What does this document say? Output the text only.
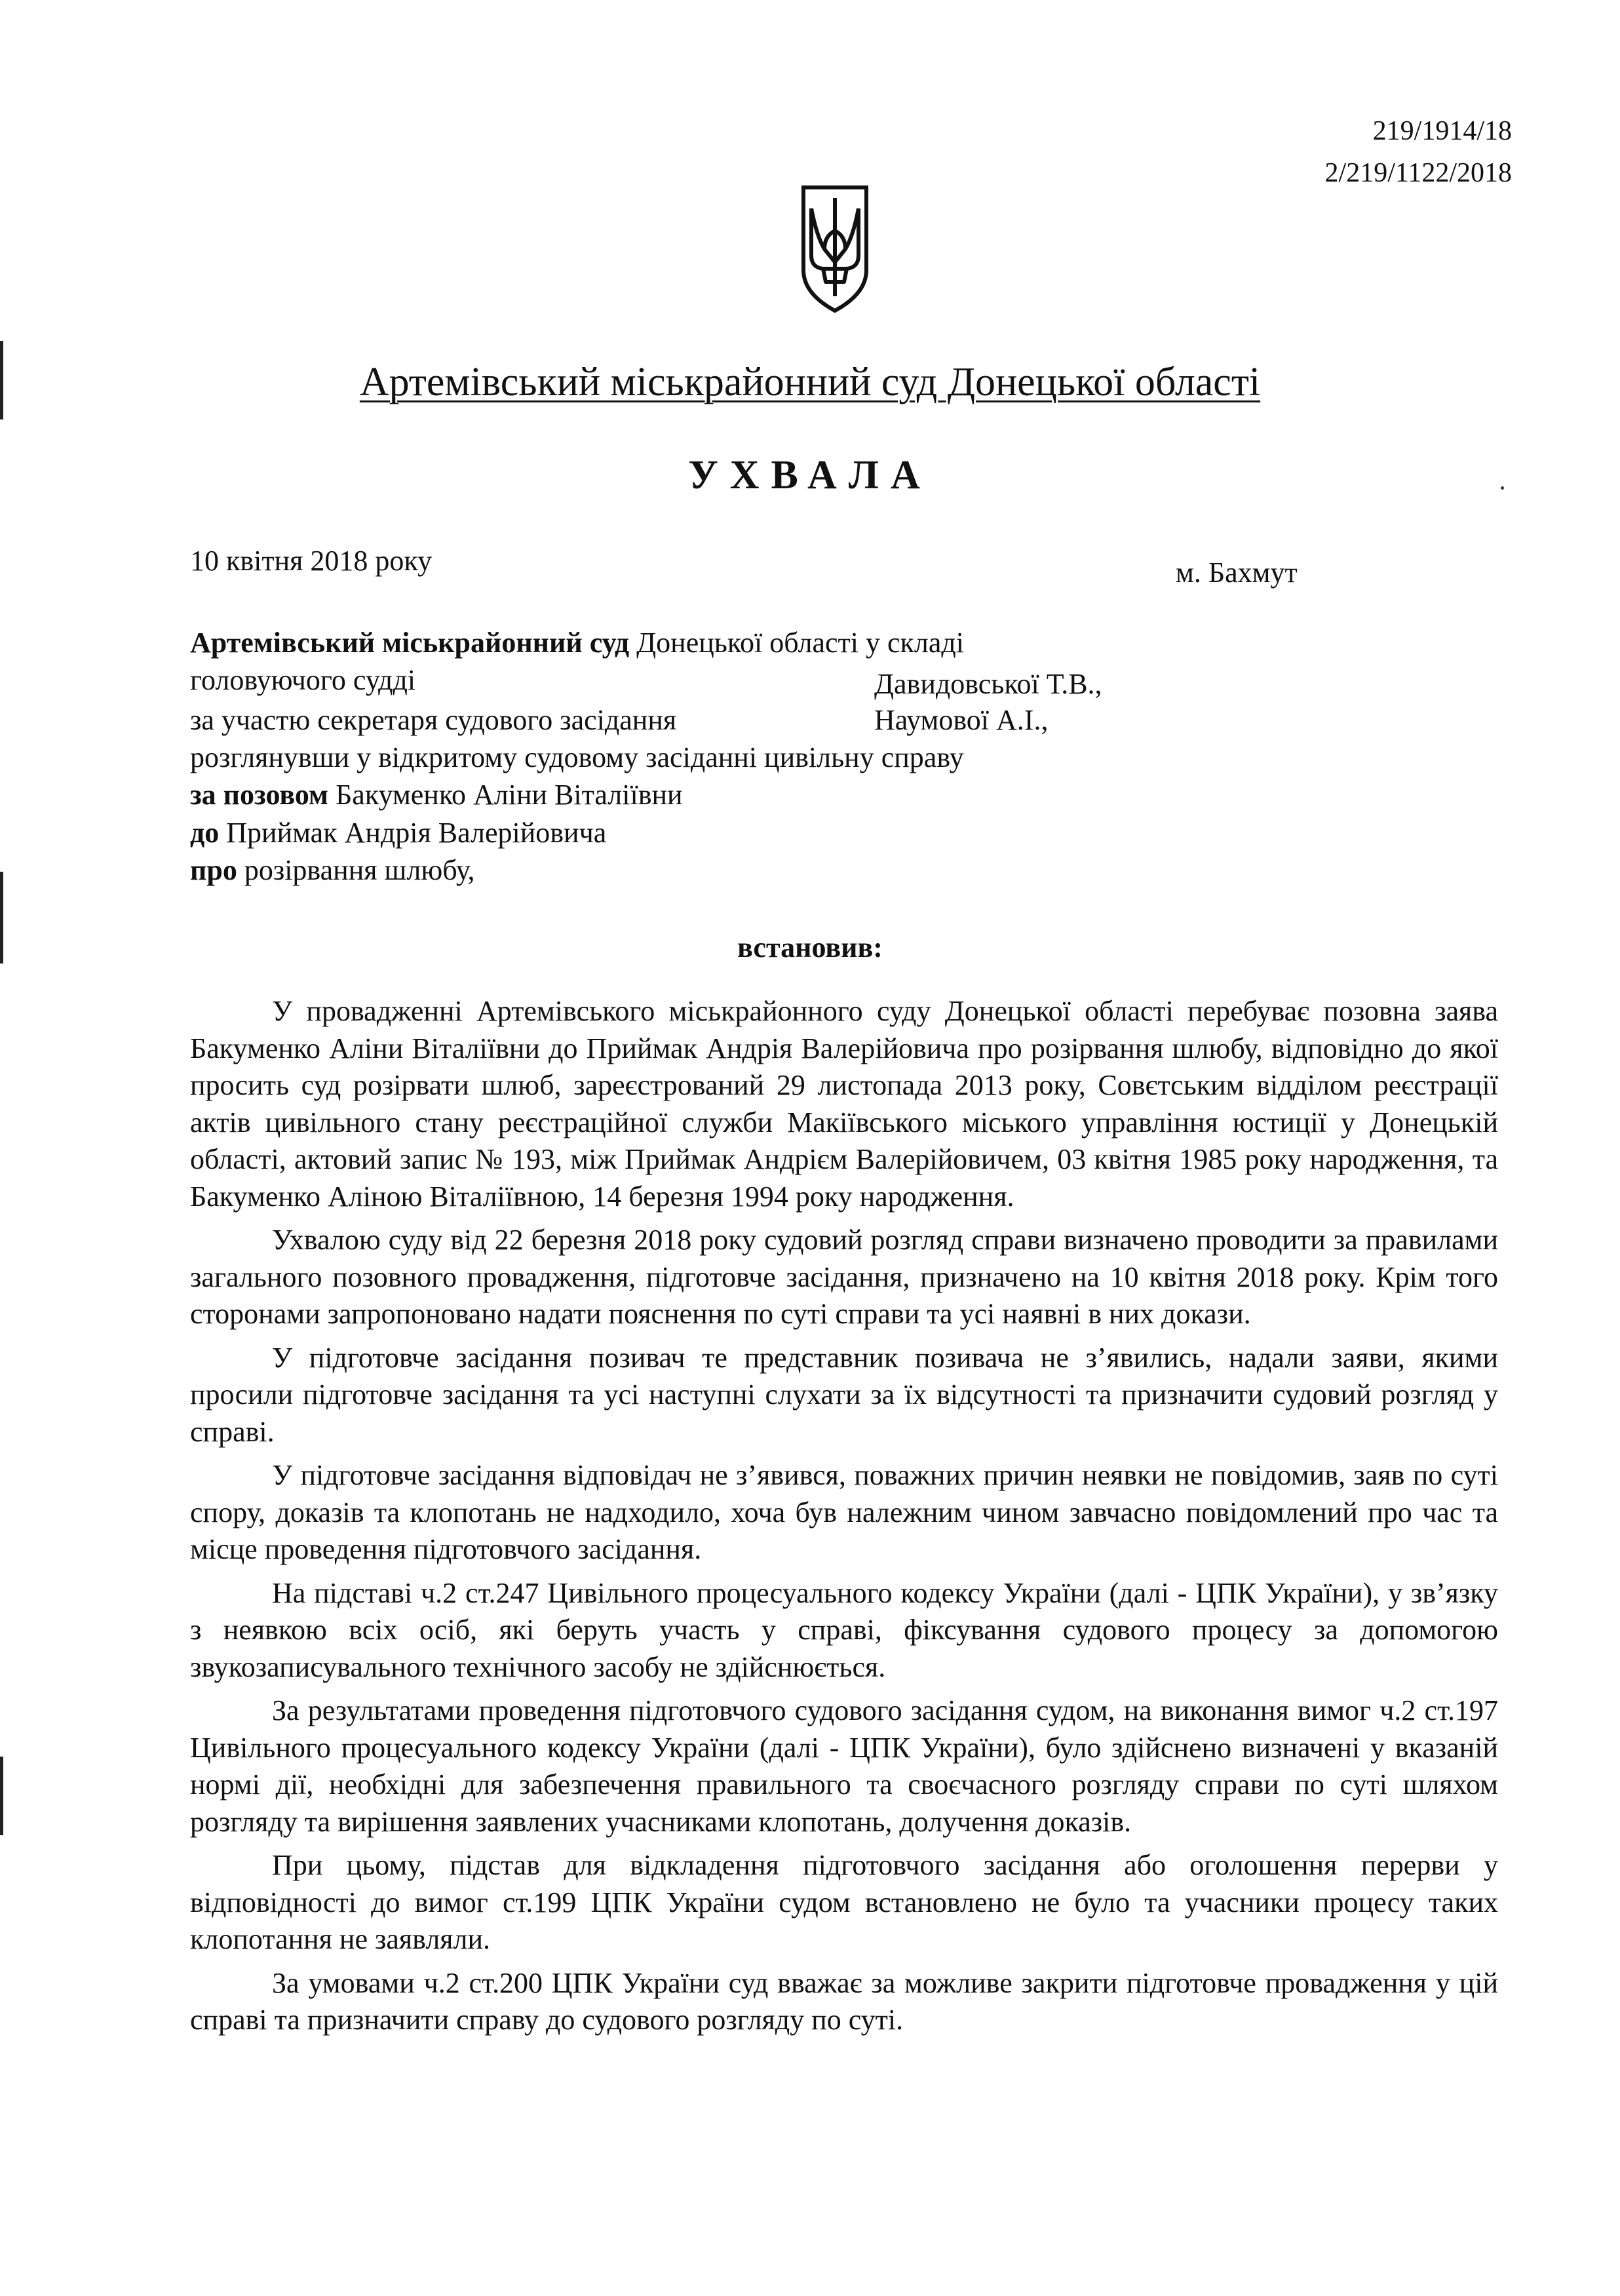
219/1914/18
2/219/1122/2018
Артемівський міськрайонний суд Донецької області
УХВАЛА
10 квітня 2018 року	м. Бахмут
Артемівський міськрайонний суд Донецької області у складі
головуючого судді	Давидовської Т.В.,
за участю секретаря судового засідання	Наумової А.І.,
розглянувши у відкритому судовому засіданні цивільну справу
за позовом Бакуменко Аліни Віталіївни
до Приймак Андрія Валерійовича
про розірвання шлюбу,
встановив:

У провадженні Артемівського міськрайонного суду Донецької області перебуває позовна заява Бакуменко Аліни Віталіївни до Приймак Андрія Валерійовича про розірвання шлюбу, відповідно до якої просить суд розірвати шлюб, зареєстрований 29 листопада 2013 року, Совєтським відділом реєстрації актів цивільного стану реєстраційної служби Макіївського міського управління юстиції у Донецькій області, актовий запис № 193, між Приймак Андрієм Валерійовичем, 03 квітня 1985 року народження, та Бакуменко Аліною Віталіївною, 14 березня 1994 року народження.

Ухвалою суду від 22 березня 2018 року судовий розгляд справи визначено проводити за правилами загального позовного провадження, підготовче засідання, призначено на 10 квітня 2018 року. Крім того сторонами запропоновано надати пояснення по суті справи та усі наявні в них докази.

У підготовче засідання позивач те представник позивача не з’явились, надали заяви, якими просили підготовче засідання та усі наступні слухати за їх відсутності та призначити судовий розгляд у справі.

У підготовче засідання відповідач не з’явився, поважних причин неявки не повідомив, заяв по суті спору, доказів та клопотань не надходило, хоча був належним чином завчасно повідомлений про час та місце проведення підготовчого засідання.

На підставі ч.2 ст.247 Цивільного процесуального кодексу України (далі - ЦПК України), у зв’язку з неявкою всіх осіб, які беруть участь у справі, фіксування судового процесу за допомогою звукозаписувального технічного засобу не здійснюється.

За результатами проведення підготовчого судового засідання судом, на виконання вимог ч.2 ст.197 Цивільного процесуального кодексу України (далі - ЦПК України), було здійснено визначені у вказаній нормі дії, необхідні для забезпечення правильного та своєчасного розгляду справи по суті шляхом розгляду та вирішення заявлених учасниками клопотань, долучення доказів.

При цьому, підстав для відкладення підготовчого засідання або оголошення перерви у відповідності до вимог ст.199 ЦПК України судом встановлено не було та учасники процесу таких клопотання не заявляли.

За умовами ч.2 ст.200 ЦПК України суд вважає за можливе закрити підготовче провадження у цій справі та призначити справу до судового розгляду по суті.
